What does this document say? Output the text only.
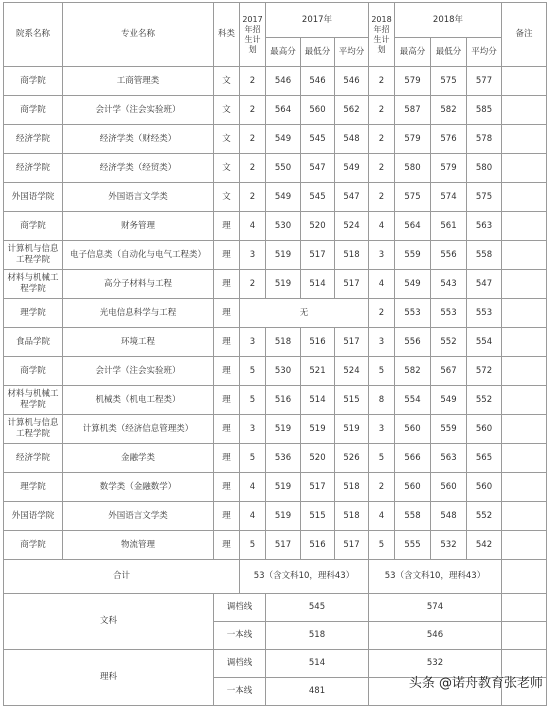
院系名称	专业名称	科类	2017年招生计划	2017年			2018年招生计划	2018年			备注
				最高分	最低分	平均分		最高分	最低分	平均分	
商学院	工商管理类	文	2	546	546	546	2	579	575	577	
商学院	会计学（注会实验班）	文	2	564	560	562	2	587	582	585	
经济学院	经济学类（财经类）	文	2	549	545	548	2	579	576	578	
经济学院	经济学类（经贸类）	文	2	550	547	549	2	580	579	580	
外国语学院	外国语言文学类	文	2	549	545	547	2	575	574	575	
商学院	财务管理	理	4	530	520	524	4	564	561	563	
计算机与信息工程学院	电子信息类（自动化与电气工程类）	理	3	519	517	518	3	559	556	558	
材料与机械工程学院	高分子材料与工程	理	2	519	514	517	4	549	543	547	
理学院	光电信息科学与工程	理	无				2	553	553	553	
食品学院	环境工程	理	3	518	516	517	3	556	552	554	
商学院	会计学（注会实验班）	理	5	530	521	524	5	582	567	572	
材料与机械工程学院	机械类（机电工程类）	理	5	516	514	515	8	554	549	552	
计算机与信息工程学院	计算机类（经济信息管理类）	理	3	519	519	519	3	560	559	560	
经济学院	金融学类	理	5	536	520	526	5	566	563	565	
理学院	数学类（金融数学）	理	4	519	517	518	2	560	560	560	
外国语学院	外国语言文学类	理	4	519	515	518	4	558	548	552	
商学院	物流管理	理	5	517	516	517	5	555	532	542	
合计			53（含文科10，理科43）				53（含文科10，理科43）				
文科		调档线		545			574				
		一本线		518			546				
理科		调档线		514			532				
		一本线		481								头条 @诺舟教育张老师
